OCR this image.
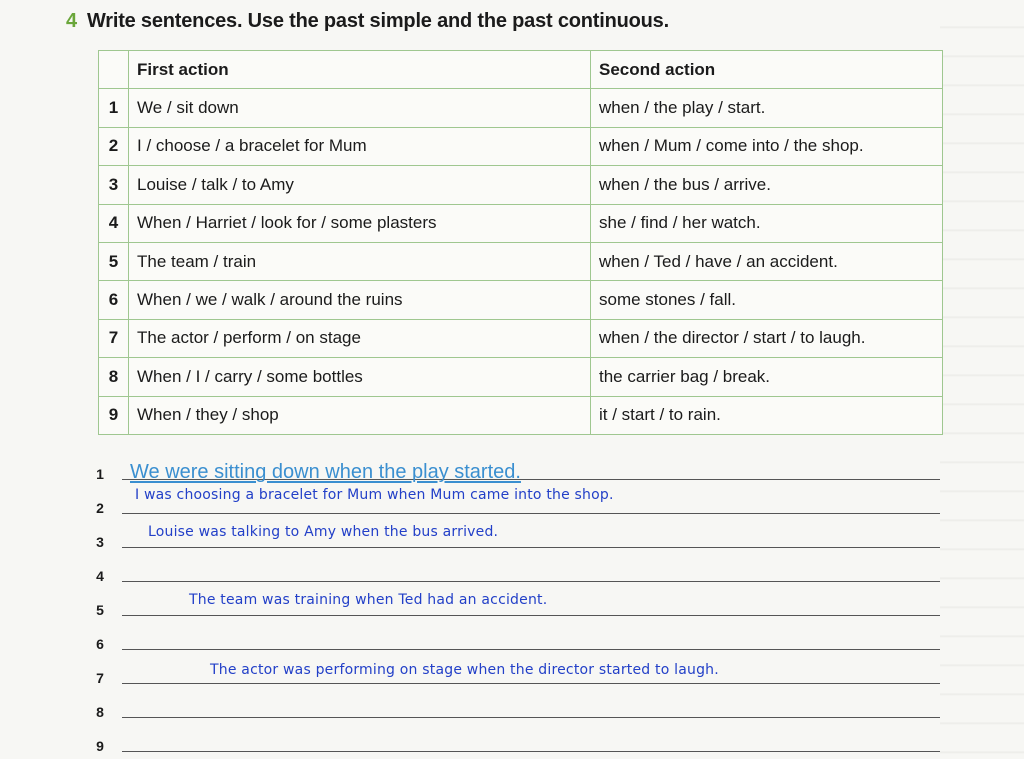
4 Write sentences. Use the past simple and the past continuous.
	First action	Second action
1	We / sit down	when / the play / start.
2	I / choose / a bracelet for Mum	when / Mum / come into / the shop.
3	Louise / talk / to Amy	when / the bus / arrive.
4	When / Harriet / look for / some plasters	she / find / her watch.
5	The team / train	when / Ted / have / an accident.
6	When / we / walk / around the ruins	some stones / fall.
7	The actor / perform / on stage	when / the director / start / to laugh.
8	When / I / carry / some bottles	the carrier bag / break.
9	When / they / shop	it / start / to rain.
1	We were sitting down when the play started.
2
I was choosing a bracelet for Mum when Mum came into the shop.
3
Louise was talking to Amy when the bus arrived.
4
5
The team was training when Ted had an accident.
6
7	The actor was performing on stage when the director started to laugh.
8
9
